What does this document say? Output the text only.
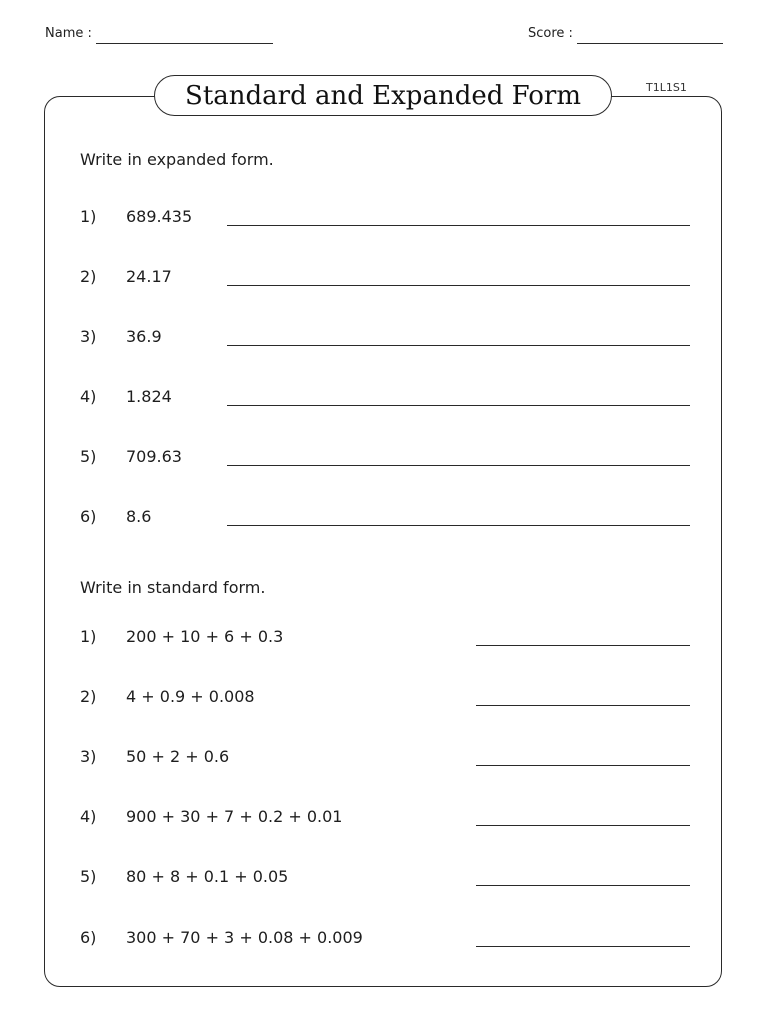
Name :	Score :
Standard and Expanded Form	T1L1S1
Write in expanded form.
1) 689.435
2) 24.17
3) 36.9
4) 1.824
5) 709.63
6) 8.6
Write in standard form.
1) 200 + 10 + 6 + 0.3
2) 4 + 0.9 + 0.008
3) 50 + 2 + 0.6
4) 900 + 30 + 7 + 0.2 + 0.01
5) 80 + 8 + 0.1 + 0.05
6) 300 + 70 + 3 + 0.08 + 0.009
